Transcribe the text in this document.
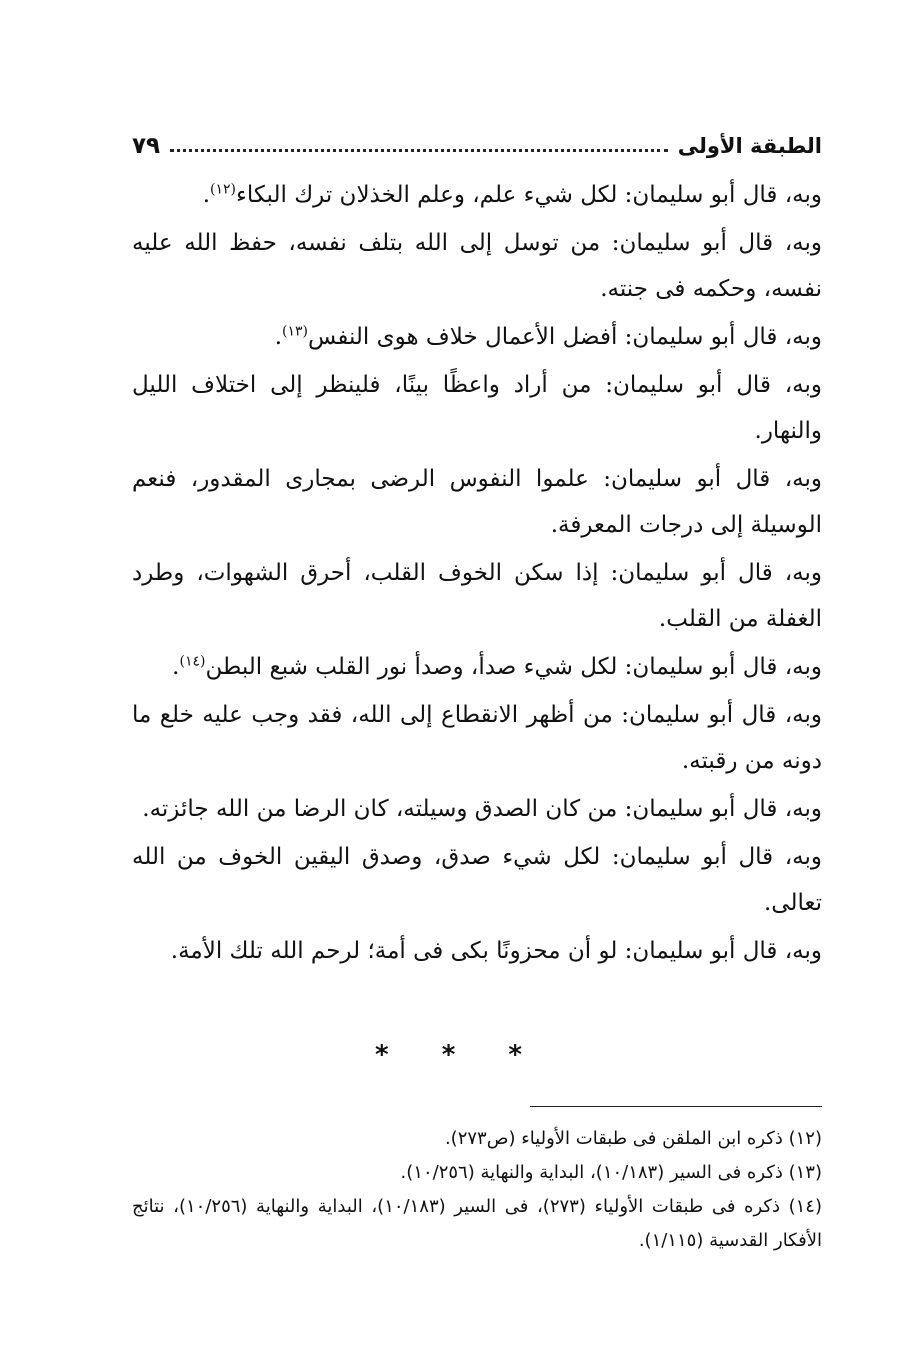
الطبقة الأولى
٧٩

وبه، قال أبو سليمان: لكل شيء علم، وعلم الخذلان ترك البكاء$^{(١٢)}$.

وبه، قال أبو سليمان: من توسل إلى الله بتلف نفسه، حفظ الله عليه نفسه، وحكمه فى جنته.

وبه، قال أبو سليمان: أفضل الأعمال خلاف هوى النفس$^{(١٣)}$.

وبه، قال أبو سليمان: من أراد واعظًا بينًا، فلينظر إلى اختلاف الليل والنهار.

وبه، قال أبو سليمان: علموا النفوس الرضى بمجارى المقدور، فنعم الوسيلة إلى درجات المعرفة.

وبه، قال أبو سليمان: إذا سكن الخوف القلب، أحرق الشهوات، وطرد الغفلة من القلب.

وبه، قال أبو سليمان: لكل شيء صدأ، وصدأ نور القلب شبع البطن$^{(١٤)}$.

وبه، قال أبو سليمان: من أظهر الانقطاع إلى الله، فقد وجب عليه خلع ما دونه من رقبته.

وبه، قال أبو سليمان: من كان الصدق وسيلته، كان الرضا من الله جائزته.

وبه، قال أبو سليمان: لكل شيء صدق، وصدق اليقين الخوف من الله تعالى.

وبه، قال أبو سليمان: لو أن محزونًا بكى فى أمة؛ لرحم الله تلك الأمة.

* * *

(١٢) ذكره ابن الملقن فى طبقات الأولياء (ص٢٧٣).

(١٣) ذكره فى السير (١٠/١٨٣)، البداية والنهاية (١٠/٢٥٦).

(١٤) ذكره فى طبقات الأولياء (٢٧٣)، فى السير (١٠/١٨٣)، البداية والنهاية (١٠/٢٥٦)، نتائج الأفكار القدسية (١/١١٥).
